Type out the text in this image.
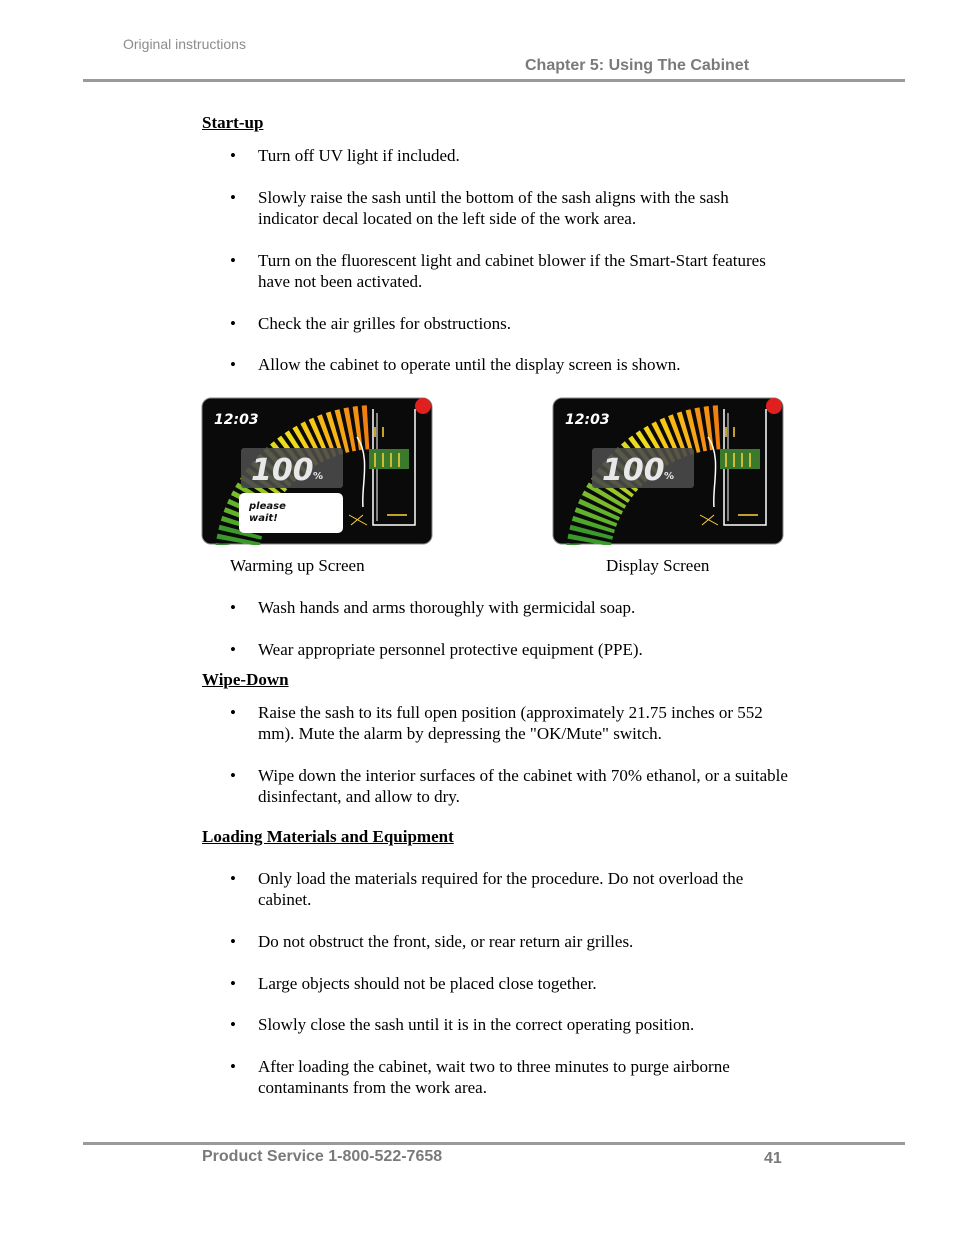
Original instructions
Chapter 5: Using The Cabinet
Start-up
• Turn off UV light if included.
• Slowly raise the sash until the bottom of the sash aligns with the sash indicator decal located on the left side of the work area.
• Turn on the fluorescent light and cabinet blower if the Smart-Start features have not been activated.
• Check the air grilles for obstructions.
• Allow the cabinet to operate until the display screen is shown.
12:03
100 %
please
wait!
12:03
100 %
Warming up Screen	Display Screen
• Wash hands and arms thoroughly with germicidal soap.
• Wear appropriate personnel protective equipment (PPE).
Wipe-Down
• Raise the sash to its full open position (approximately 21.75 inches or 552 mm). Mute the alarm by depressing the "OK/Mute" switch.
• Wipe down the interior surfaces of the cabinet with 70% ethanol, or a suitable disinfectant, and allow to dry.
Loading Materials and Equipment
• Only load the materials required for the procedure. Do not overload the cabinet.
• Do not obstruct the front, side, or rear return air grilles.
• Large objects should not be placed close together.
• Slowly close the sash until it is in the correct operating position.
• After loading the cabinet, wait two to three minutes to purge airborne contaminants from the work area.
Product Service 1-800-522-7658	41
